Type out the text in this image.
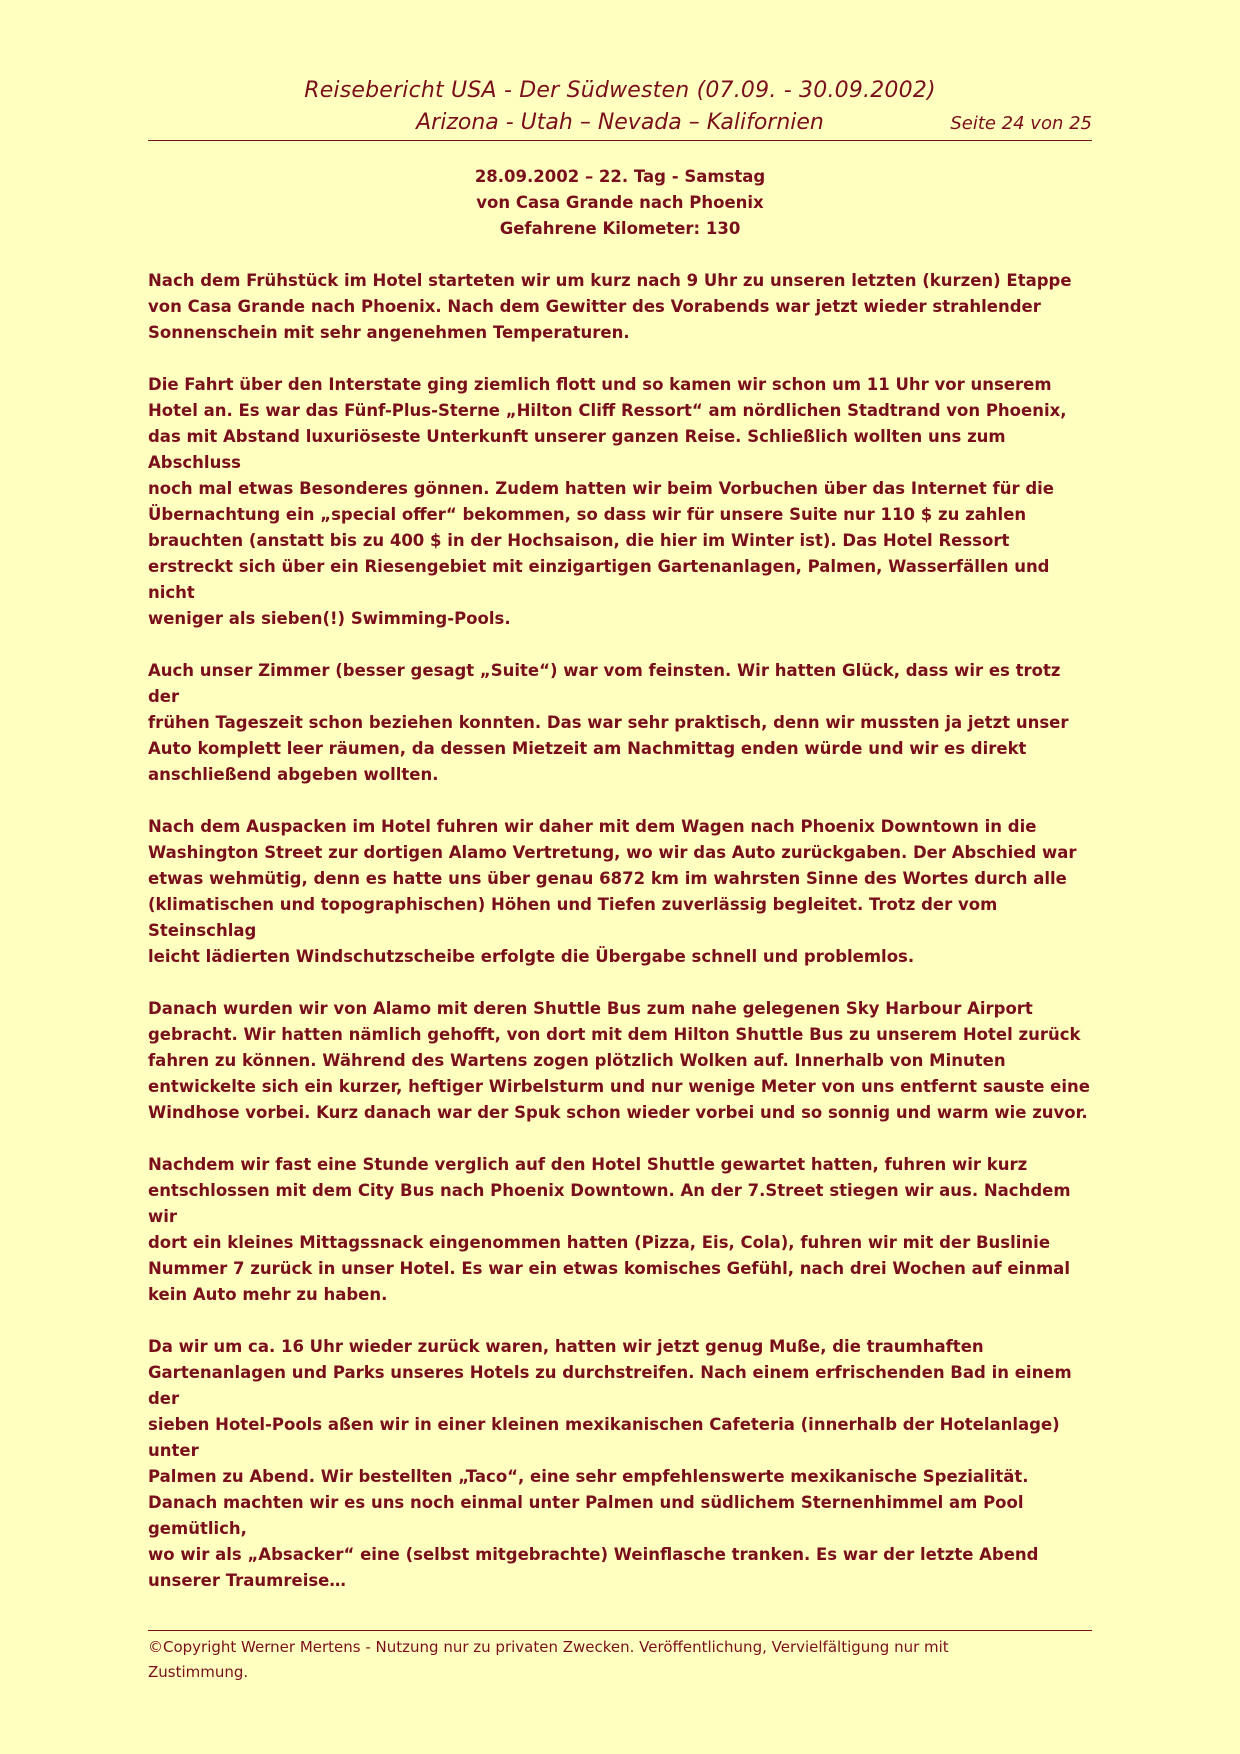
Reisebericht USA - Der Südwesten (07.09. - 30.09.2002)
Arizona - Utah – Nevada – Kalifornien	Seite 24 von 25
28.09.2002 – 22. Tag - Samstag
von Casa Grande nach Phoenix
Gefahrene Kilometer: 130

Nach dem Frühstück im Hotel starteten wir um kurz nach 9 Uhr zu unseren letzten (kurzen) Etappe
von Casa Grande nach Phoenix. Nach dem Gewitter des Vorabends war jetzt wieder strahlender
Sonnenschein mit sehr angenehmen Temperaturen.

Die Fahrt über den Interstate ging ziemlich flott und so kamen wir schon um 11 Uhr vor unserem
Hotel an. Es war das Fünf-Plus-Sterne „Hilton Cliff Ressort“ am nördlichen Stadtrand von Phoenix,
das mit Abstand luxuriöseste Unterkunft unserer ganzen Reise. Schließlich wollten uns zum Abschluss
noch mal etwas Besonderes gönnen. Zudem hatten wir beim Vorbuchen über das Internet für die
Übernachtung ein „special offer“ bekommen, so dass wir für unsere Suite nur 110 $ zu zahlen
brauchten (anstatt bis zu 400 $ in der Hochsaison, die hier im Winter ist). Das Hotel Ressort
erstreckt sich über ein Riesengebiet mit einzigartigen Gartenanlagen, Palmen, Wasserfällen und nicht
weniger als sieben(!) Swimming-Pools.

Auch unser Zimmer (besser gesagt „Suite“) war vom feinsten. Wir hatten Glück, dass wir es trotz der
frühen Tageszeit schon beziehen konnten. Das war sehr praktisch, denn wir mussten ja jetzt unser
Auto komplett leer räumen, da dessen Mietzeit am Nachmittag enden würde und wir es direkt
anschließend abgeben wollten.

Nach dem Auspacken im Hotel fuhren wir daher mit dem Wagen nach Phoenix Downtown in die
Washington Street zur dortigen Alamo Vertretung, wo wir das Auto zurückgaben. Der Abschied war
etwas wehmütig, denn es hatte uns über genau 6872 km im wahrsten Sinne des Wortes durch alle
(klimatischen und topographischen) Höhen und Tiefen zuverlässig begleitet. Trotz der vom Steinschlag
leicht lädierten Windschutzscheibe erfolgte die Übergabe schnell und problemlos.

Danach wurden wir von Alamo mit deren Shuttle Bus zum nahe gelegenen Sky Harbour Airport
gebracht. Wir hatten nämlich gehofft, von dort mit dem Hilton Shuttle Bus zu unserem Hotel zurück
fahren zu können. Während des Wartens zogen plötzlich Wolken auf. Innerhalb von Minuten
entwickelte sich ein kurzer, heftiger Wirbelsturm und nur wenige Meter von uns entfernt sauste eine
Windhose vorbei. Kurz danach war der Spuk schon wieder vorbei und so sonnig und warm wie zuvor.

Nachdem wir fast eine Stunde verglich auf den Hotel Shuttle gewartet hatten, fuhren wir kurz
entschlossen mit dem City Bus nach Phoenix Downtown. An der 7.Street stiegen wir aus. Nachdem wir
dort ein kleines Mittagssnack eingenommen hatten (Pizza, Eis, Cola), fuhren wir mit der Buslinie
Nummer 7 zurück in unser Hotel. Es war ein etwas komisches Gefühl, nach drei Wochen auf einmal
kein Auto mehr zu haben.

Da wir um ca. 16 Uhr wieder zurück waren, hatten wir jetzt genug Muße, die traumhaften
Gartenanlagen und Parks unseres Hotels zu durchstreifen. Nach einem erfrischenden Bad in einem der
sieben Hotel-Pools aßen wir in einer kleinen mexikanischen Cafeteria (innerhalb der Hotelanlage) unter
Palmen zu Abend. Wir bestellten „Taco“, eine sehr empfehlenswerte mexikanische Spezialität.
Danach machten wir es uns noch einmal unter Palmen und südlichem Sternenhimmel am Pool gemütlich,
wo wir als „Absacker“ eine (selbst mitgebrachte) Weinflasche tranken. Es war der letzte Abend
unserer Traumreise…

©Copyright Werner Mertens - Nutzung nur zu privaten Zwecken. Veröffentlichung, Vervielfältigung nur mit
Zustimmung.
